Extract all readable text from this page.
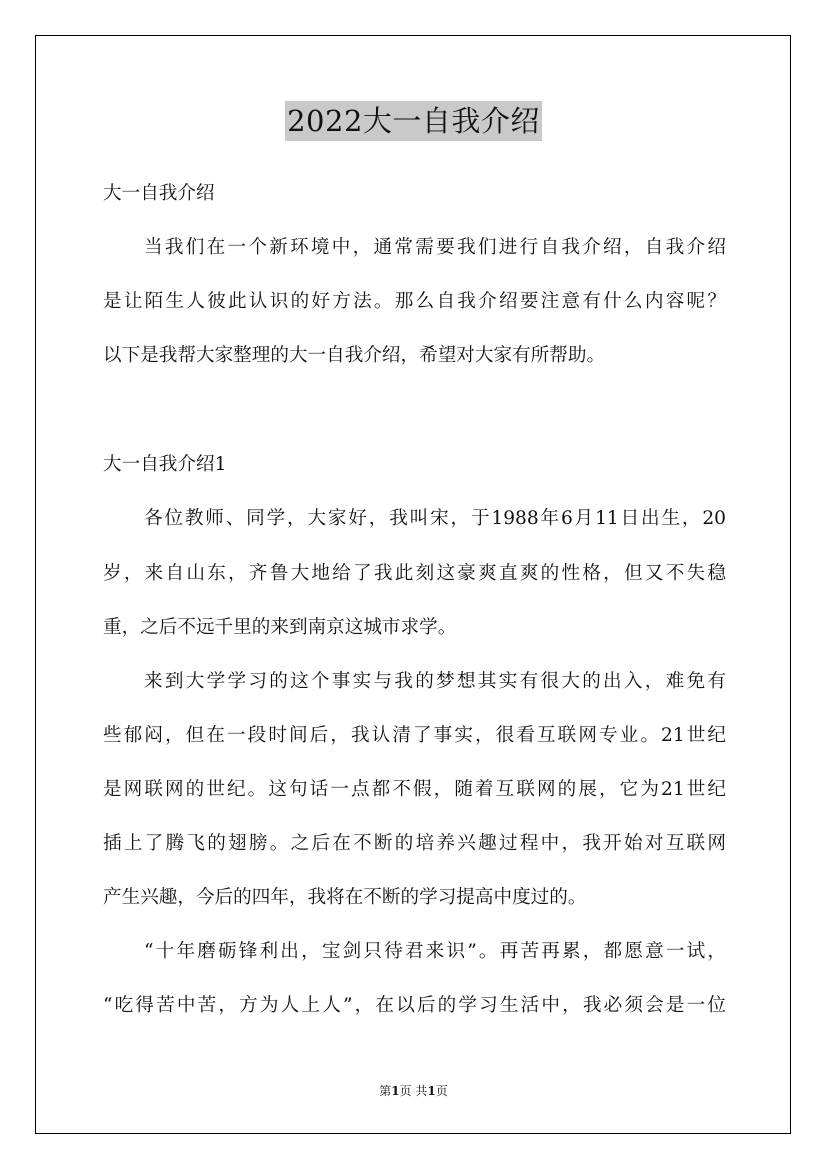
2022大一自我介绍
大一自我介绍
当我们在一个新环境中，通常需要我们进行自我介绍，自我介绍
是让陌生人彼此认识的好方法。那么自我介绍要注意有什么内容呢？
以下是我帮大家整理的大一自我介绍，希望对大家有所帮助。
大一自我介绍1
各位教师、同学，大家好，我叫宋，于1988年6月11日出生，20
岁，来自山东，齐鲁大地给了我此刻这豪爽直爽的性格，但又不失稳
重，之后不远千里的来到南京这城市求学。
来到大学学习的这个事实与我的梦想其实有很大的出入，难免有
些郁闷，但在一段时间后，我认清了事实，很看互联网专业。21世纪
是网联网的世纪。这句话一点都不假，随着互联网的展，它为21世纪
插上了腾飞的翅膀。之后在不断的培养兴趣过程中，我开始对互联网
产生兴趣，今后的四年，我将在不断的学习提高中度过的。
“十年磨砺锋利出，宝剑只待君来识”。再苦再累，都愿意一试，
“吃得苦中苦，方为人上人”，在以后的学习生活中，我必须会是一位
第1页 共1页
